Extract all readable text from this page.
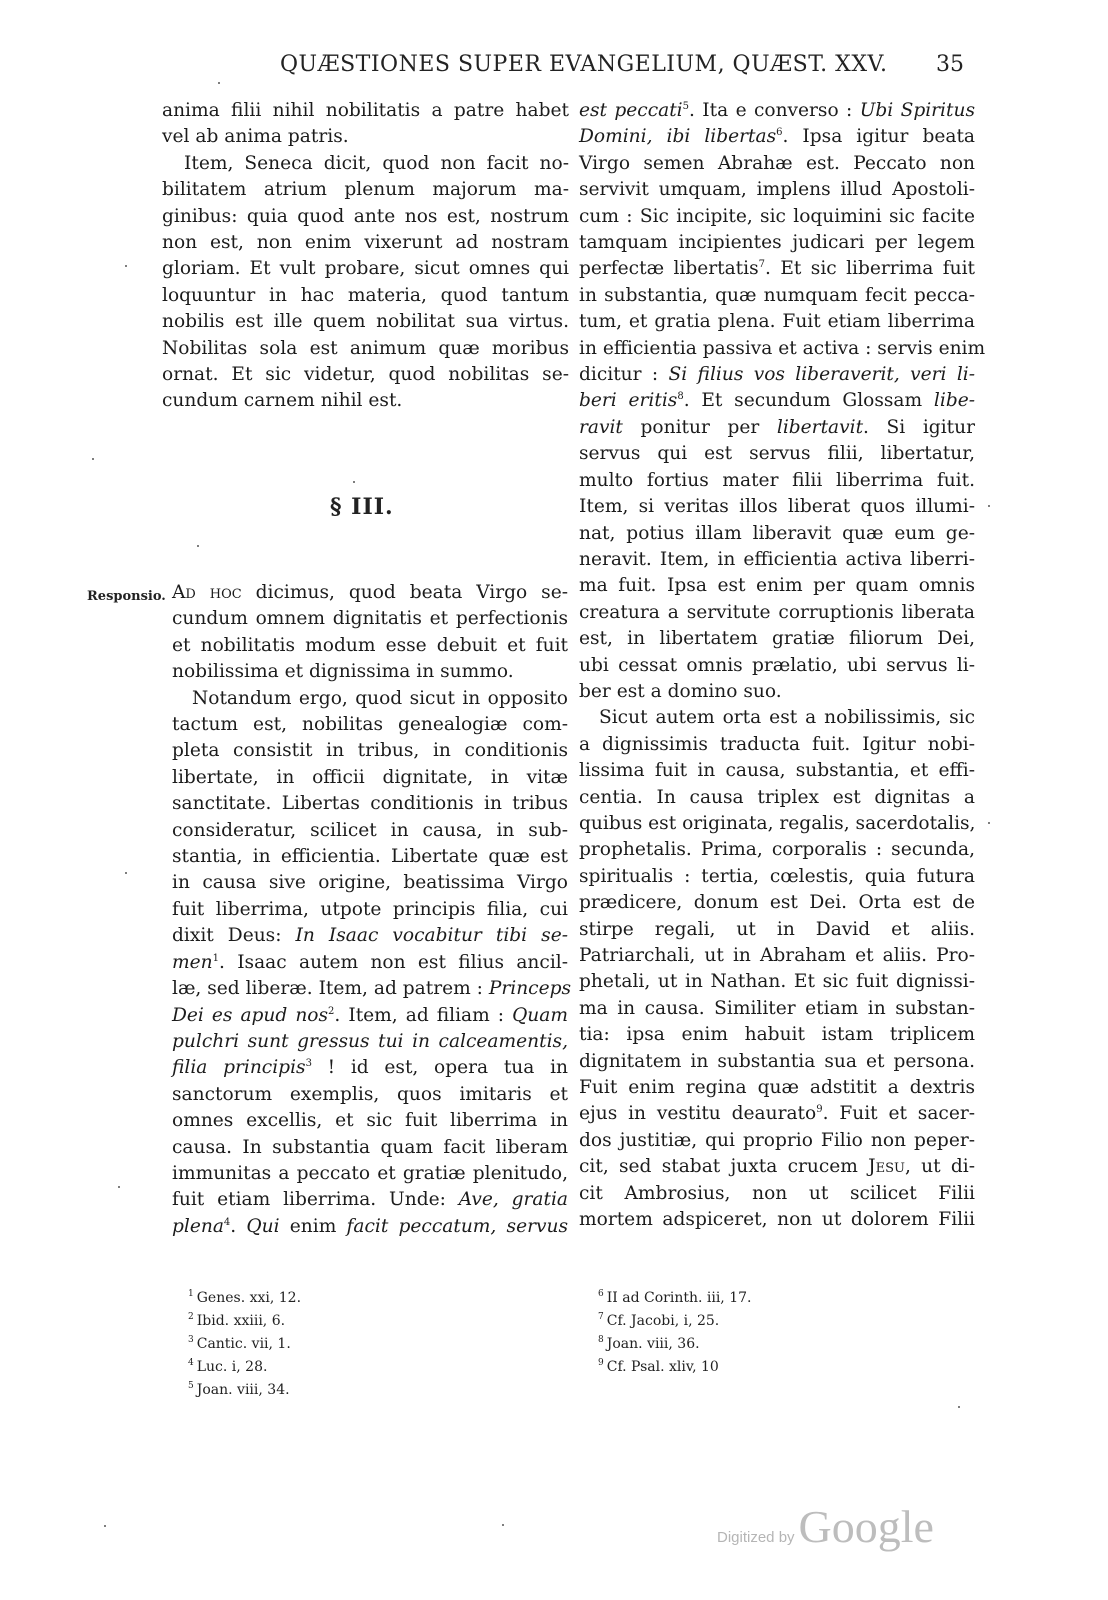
QUÆSTIONES SUPER EVANGELIUM, QUÆST. XXV. 35

anima filii nihil nobilitatis a patre habet
vel ab anima patris.

Item, Seneca dicit, quod non facit no-
bilitatem atrium plenum majorum ma-
ginibus: quia quod ante nos est, nostrum
non est, non enim vixerunt ad nostram
gloriam. Et vult probare, sicut omnes qui
loquuntur in hac materia, quod tantum
nobilis est ille quem nobilitat sua virtus.
Nobilitas sola est animum quæ moribus
ornat. Et sic videtur, quod nobilitas se-
cundum carnem nihil est.

§ III.
Responsio. Ad hoc dicimus, quod beata Virgo se-
cundum omnem dignitatis et perfectionis
et nobilitatis modum esse debuit et fuit
nobilissima et dignissima in summo.

Notandum ergo, quod sicut in opposito
tactum est, nobilitas genealogiæ com-
pleta consistit in tribus, in conditionis
libertate, in officii dignitate, in vitæ
sanctitate. Libertas conditionis in tribus
consideratur, scilicet in causa, in sub-
stantia, in efficientia. Libertate quæ est
in causa sive origine, beatissima Virgo
fuit liberrima, utpote principis filia, cui
dixit Deus: In Isaac vocabitur tibi se-
men$^1$. Isaac autem non est filius ancil-
læ, sed liberæ. Item, ad patrem : Princeps
Dei es apud nos$^2$. Item, ad filiam : Quam
pulchri sunt gressus tui in calceamentis,
filia principis$^3$ ! id est, opera tua in
sanctorum exemplis, quos imitaris et
omnes excellis, et sic fuit liberrima in
causa. In substantia quam facit liberam
immunitas a peccato et gratiæ plenitudo,
fuit etiam liberrima. Unde: Ave, gratia
plena$^4$. Qui enim facit peccatum, servus

est peccati$^5$. Ita e converso : Ubi Spiritus
Domini, ibi libertas$^6$. Ipsa igitur beata
Virgo semen Abrahæ est. Peccato non
servivit umquam, implens illud Apostoli-
cum : Sic incipite, sic loquimini sic facite
tamquam incipientes judicari per legem
perfectæ libertatis$^7$. Et sic liberrima fuit
in substantia, quæ numquam fecit pecca-
tum, et gratia plena. Fuit etiam liberrima
in efficientia passiva et activa : servis enim
dicitur : Si filius vos liberaverit, veri li-
beri eritis$^8$. Et secundum Glossam libe-
ravit ponitur per libertavit. Si igitur
servus qui est servus filii, libertatur,
multo fortius mater filii liberrima fuit.
Item, si veritas illos liberat quos illumi-
nat, potius illam liberavit quæ eum ge-
neravit. Item, in efficientia activa liberri-
ma fuit. Ipsa est enim per quam omnis
creatura a servitute corruptionis liberata
est, in libertatem gratiæ filiorum Dei,
ubi cessat omnis prælatio, ubi servus li-
ber est a domino suo.

Sicut autem orta est a nobilissimis, sic
a dignissimis traducta fuit. Igitur nobi-
lissima fuit in causa, substantia, et effi-
centia. In causa triplex est dignitas a
quibus est originata, regalis, sacerdotalis,
prophetalis. Prima, corporalis : secunda,
spiritualis : tertia, cœlestis, quia futura
prædicere, donum est Dei. Orta est de
stirpe regali, ut in David et aliis.
Patriarchali, ut in Abraham et aliis. Pro-
phetali, ut in Nathan. Et sic fuit dignissi-
ma in causa. Similiter etiam in substan-
tia: ipsa enim habuit istam triplicem
dignitatem in substantia sua et persona.
Fuit enim regina quæ adstitit a dextris
ejus in vestitu deaurato$^9$. Fuit et sacer-
dos justitiæ, qui proprio Filio non peper-
cit, sed stabat juxta crucem Jesu, ut di-
cit Ambrosius, non ut scilicet Filii
mortem adspiceret, non ut dolorem Filii

$^1$ Genes. xxi, 12.
$^2$ Ibid. xxiii, 6.
$^3$ Cantic. vii, 1.
$^4$ Luc. i, 28.
$^5$ Joan. viii, 34.
$^6$ II ad Corinth. iii, 17.
$^7$ Cf. Jacobi, i, 25.
$^8$ Joan. viii, 36.
$^9$ Cf. Psal. xliv, 10
Digitized by Google
